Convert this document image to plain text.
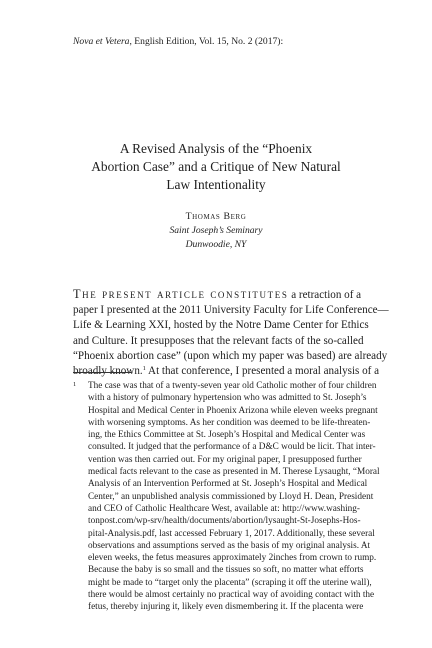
Nova et Vetera, English Edition, Vol. 15, No. 2 (2017):
A Revised Analysis of the “Phoenix
Abortion Case” and a Critique of New Natural
Law Intentionality
Thomas Berg
Saint Joseph’s Seminary
Dunwoodie, NY
The present article constitutes a retraction of a
paper I presented at the 2011 University Faculty for Life Conference—
Life & Learning XXI, hosted by the Notre Dame Center for Ethics
and Culture. It presupposes that the relevant facts of the so-called
“Phoenix abortion case” (upon which my paper was based) are already
broadly known.$^1$ At that conference, I presented a moral analysis of a
1 The case was that of a twenty-seven year old Catholic mother of four children
with a history of pulmonary hypertension who was admitted to St. Joseph’s
Hospital and Medical Center in Phoenix Arizona while eleven weeks pregnant
with worsening symptoms. As her condition was deemed to be life-threaten-
ing, the Ethics Committee at St. Joseph’s Hospital and Medical Center was
consulted. It judged that the performance of a D&C would be licit. That inter-
vention was then carried out. For my original paper, I presupposed further
medical facts relevant to the case as presented in M. Therese Lysaught, “Moral
Analysis of an Intervention Performed at St. Joseph’s Hospital and Medical
Center,” an unpublished analysis commissioned by Lloyd H. Dean, President
and CEO of Catholic Healthcare West, available at: http://www.washing-
tonpost.com/wp-srv/health/documents/abortion/lysaught-St-Josephs-Hos-
pital-Analysis.pdf, last accessed February 1, 2017. Additionally, these several
observations and assumptions served as the basis of my original analysis. At
eleven weeks, the fetus measures approximately 2inches from crown to rump.
Because the baby is so small and the tissues so soft, no matter what efforts
might be made to “target only the placenta” (scraping it off the uterine wall),
there would be almost certainly no practical way of avoiding contact with the
fetus, thereby injuring it, likely even dismembering it. If the placenta were
